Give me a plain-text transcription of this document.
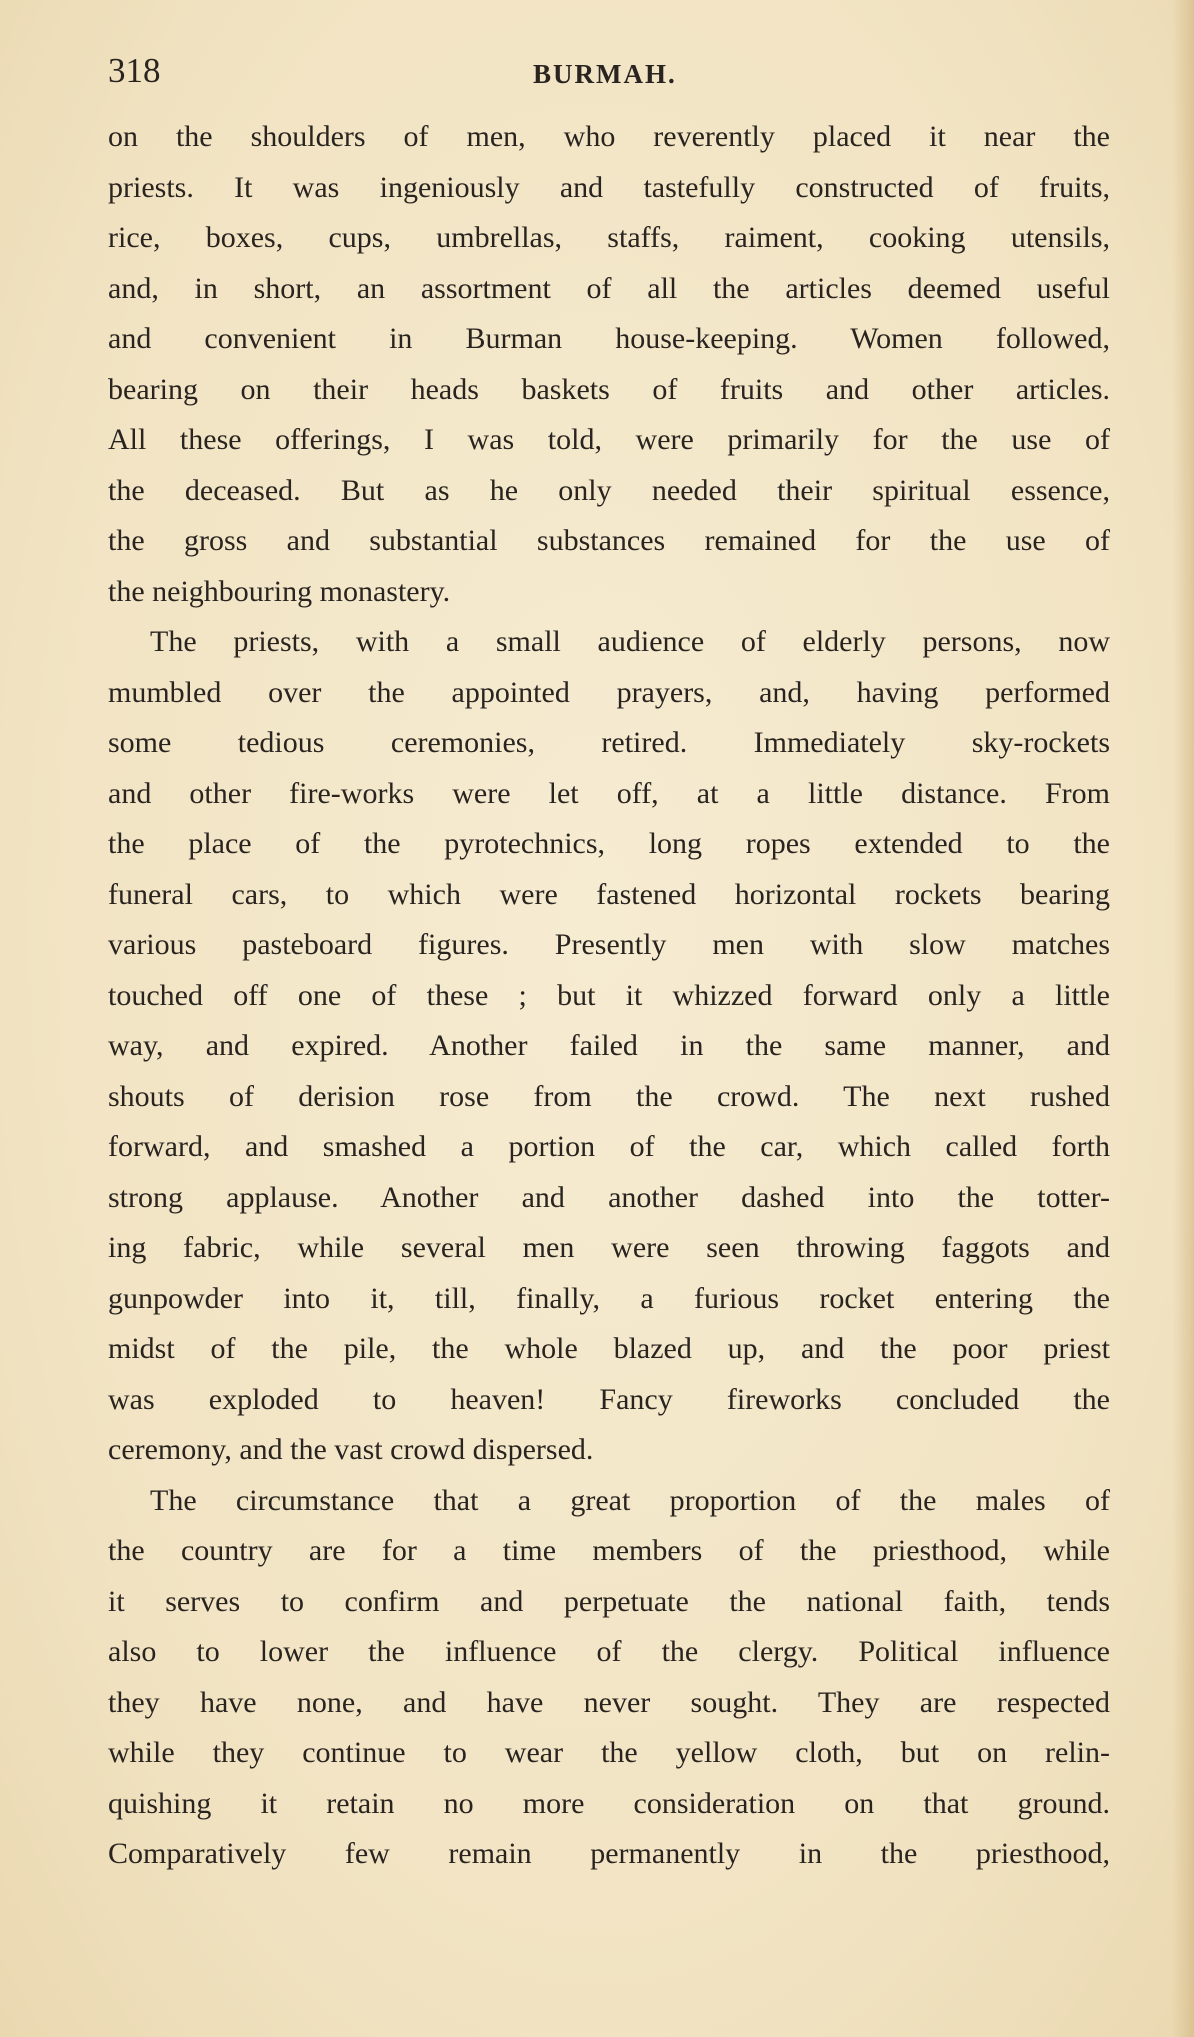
318	BURMAH.
on the shoulders of men, who reverently placed it near the
priests. It was ingeniously and tastefully constructed of fruits,
rice, boxes, cups, umbrellas, staffs, raiment, cooking utensils,
and, in short, an assortment of all the articles deemed useful
and convenient in Burman house-keeping. Women followed,
bearing on their heads baskets of fruits and other articles.
All these offerings, I was told, were primarily for the use of
the deceased. But as he only needed their spiritual essence,
the gross and substantial substances remained for the use of
the neighbouring monastery.
The priests, with a small audience of elderly persons, now
mumbled over the appointed prayers, and, having performed
some tedious ceremonies, retired. Immediately sky-rockets
and other fire-works were let off, at a little distance. From
the place of the pyrotechnics, long ropes extended to the
funeral cars, to which were fastened horizontal rockets bearing
various pasteboard figures. Presently men with slow matches
touched off one of these ; but it whizzed forward only a little
way, and expired. Another failed in the same manner, and
shouts of derision rose from the crowd. The next rushed
forward, and smashed a portion of the car, which called forth
strong applause. Another and another dashed into the totter-
ing fabric, while several men were seen throwing faggots and
gunpowder into it, till, finally, a furious rocket entering the
midst of the pile, the whole blazed up, and the poor priest
was exploded to heaven! Fancy fireworks concluded the
ceremony, and the vast crowd dispersed.
The circumstance that a great proportion of the males of
the country are for a time members of the priesthood, while
it serves to confirm and perpetuate the national faith, tends
also to lower the influence of the clergy. Political influence
they have none, and have never sought. They are respected
while they continue to wear the yellow cloth, but on relin-
quishing it retain no more consideration on that ground.
Comparatively few remain permanently in the priesthood,
